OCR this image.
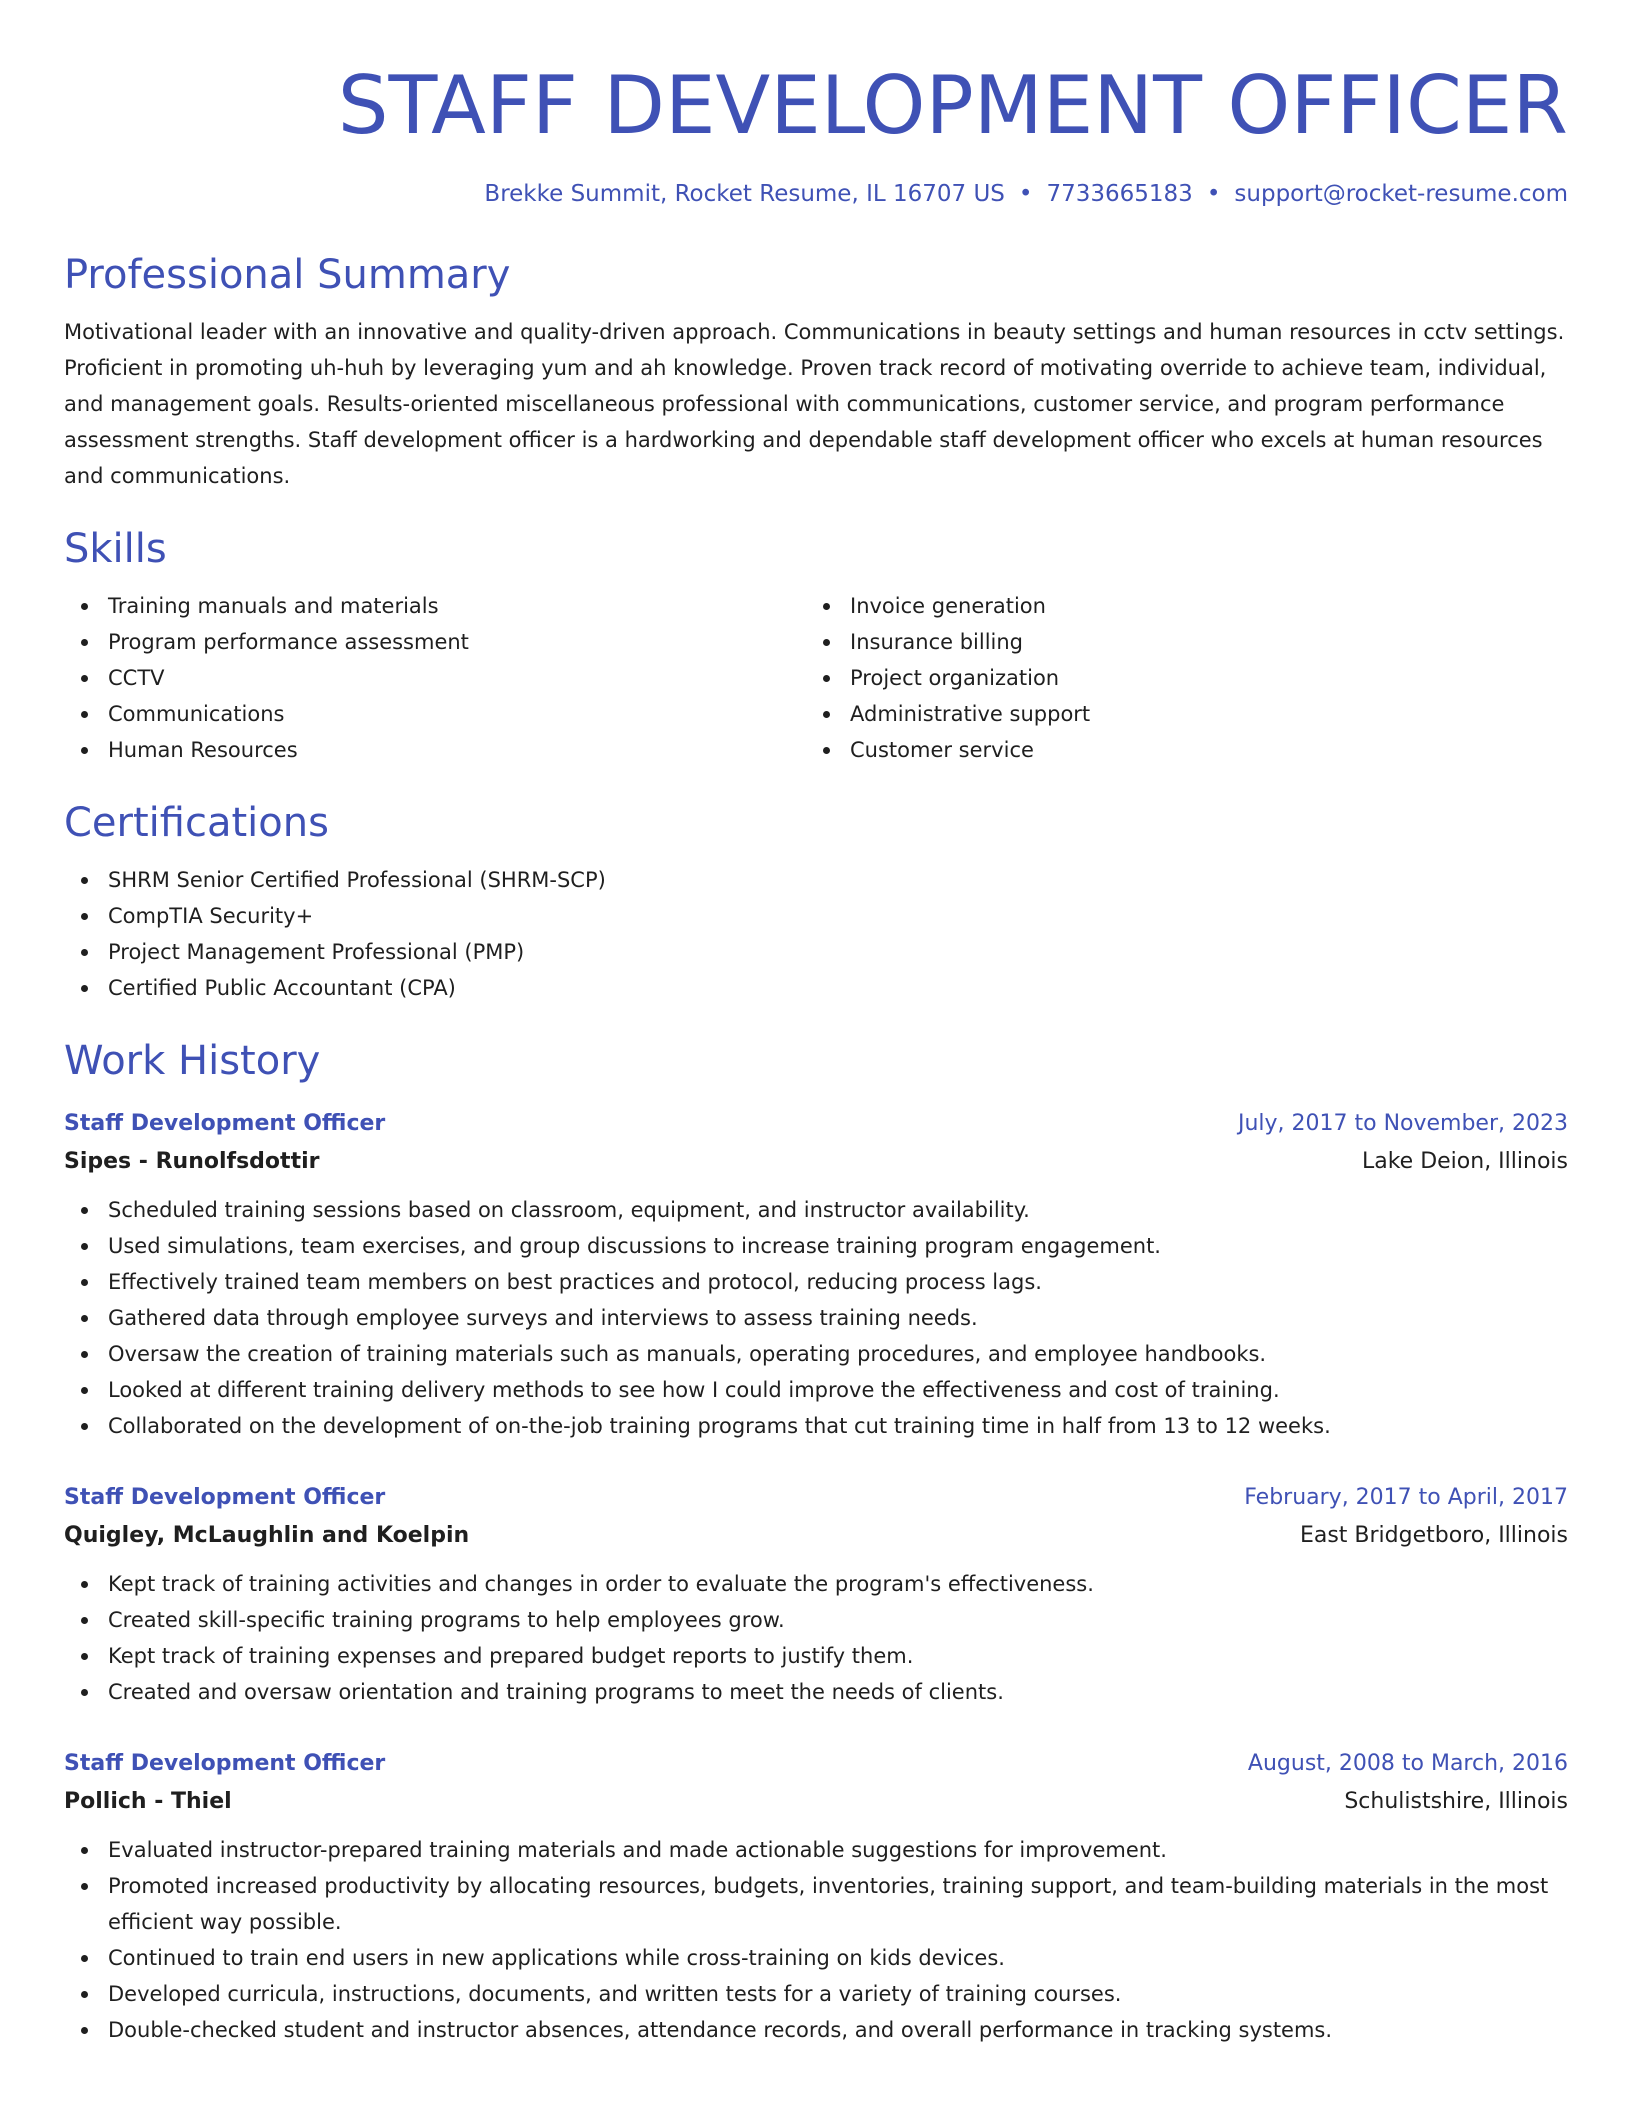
STAFF DEVELOPMENT OFFICER
Brekke Summit, Rocket Resume, IL 16707 US • 7733665183 • support@rocket-resume.com
Professional Summary

Motivational leader with an innovative and quality-driven approach. Communications in beauty settings and human resources in cctv settings. Proficient in promoting uh-huh by leveraging yum and ah knowledge. Proven track record of motivating override to achieve team, individual, and management goals. Results-oriented miscellaneous professional with communications, customer service, and program performance assessment strengths. Staff development officer is a hardworking and dependable staff development officer who excels at human resources and communications.

Skills
Training manuals and materials
Program performance assessment
CCTV
Communications
Human Resources
Invoice generation
Insurance billing
Project organization
Administrative support
Customer service
Certifications
SHRM Senior Certified Professional (SHRM-SCP)
CompTIA Security+
Project Management Professional (PMP)
Certified Public Accountant (CPA)
Work History
Staff Development Officer	July, 2017 to November, 2023
Sipes - Runolfsdottir	Lake Deion, Illinois
Scheduled training sessions based on classroom, equipment, and instructor availability.
Used simulations, team exercises, and group discussions to increase training program engagement.
Effectively trained team members on best practices and protocol, reducing process lags.
Gathered data through employee surveys and interviews to assess training needs.
Oversaw the creation of training materials such as manuals, operating procedures, and employee handbooks.
Looked at different training delivery methods to see how I could improve the effectiveness and cost of training.
Collaborated on the development of on-the-job training programs that cut training time in half from 13 to 12 weeks.
Staff Development Officer	February, 2017 to April, 2017
Quigley, McLaughlin and Koelpin	East Bridgetboro, Illinois
Kept track of training activities and changes in order to evaluate the program's effectiveness.
Created skill-specific training programs to help employees grow.
Kept track of training expenses and prepared budget reports to justify them.
Created and oversaw orientation and training programs to meet the needs of clients.
Staff Development Officer	August, 2008 to March, 2016
Pollich - Thiel	Schulistshire, Illinois
Evaluated instructor-prepared training materials and made actionable suggestions for improvement.
Promoted increased productivity by allocating resources, budgets, inventories, training support, and team-building materials in the most efficient way possible.
Continued to train end users in new applications while cross-training on kids devices.
Developed curricula, instructions, documents, and written tests for a variety of training courses.
Double-checked student and instructor absences, attendance records, and overall performance in tracking systems.
